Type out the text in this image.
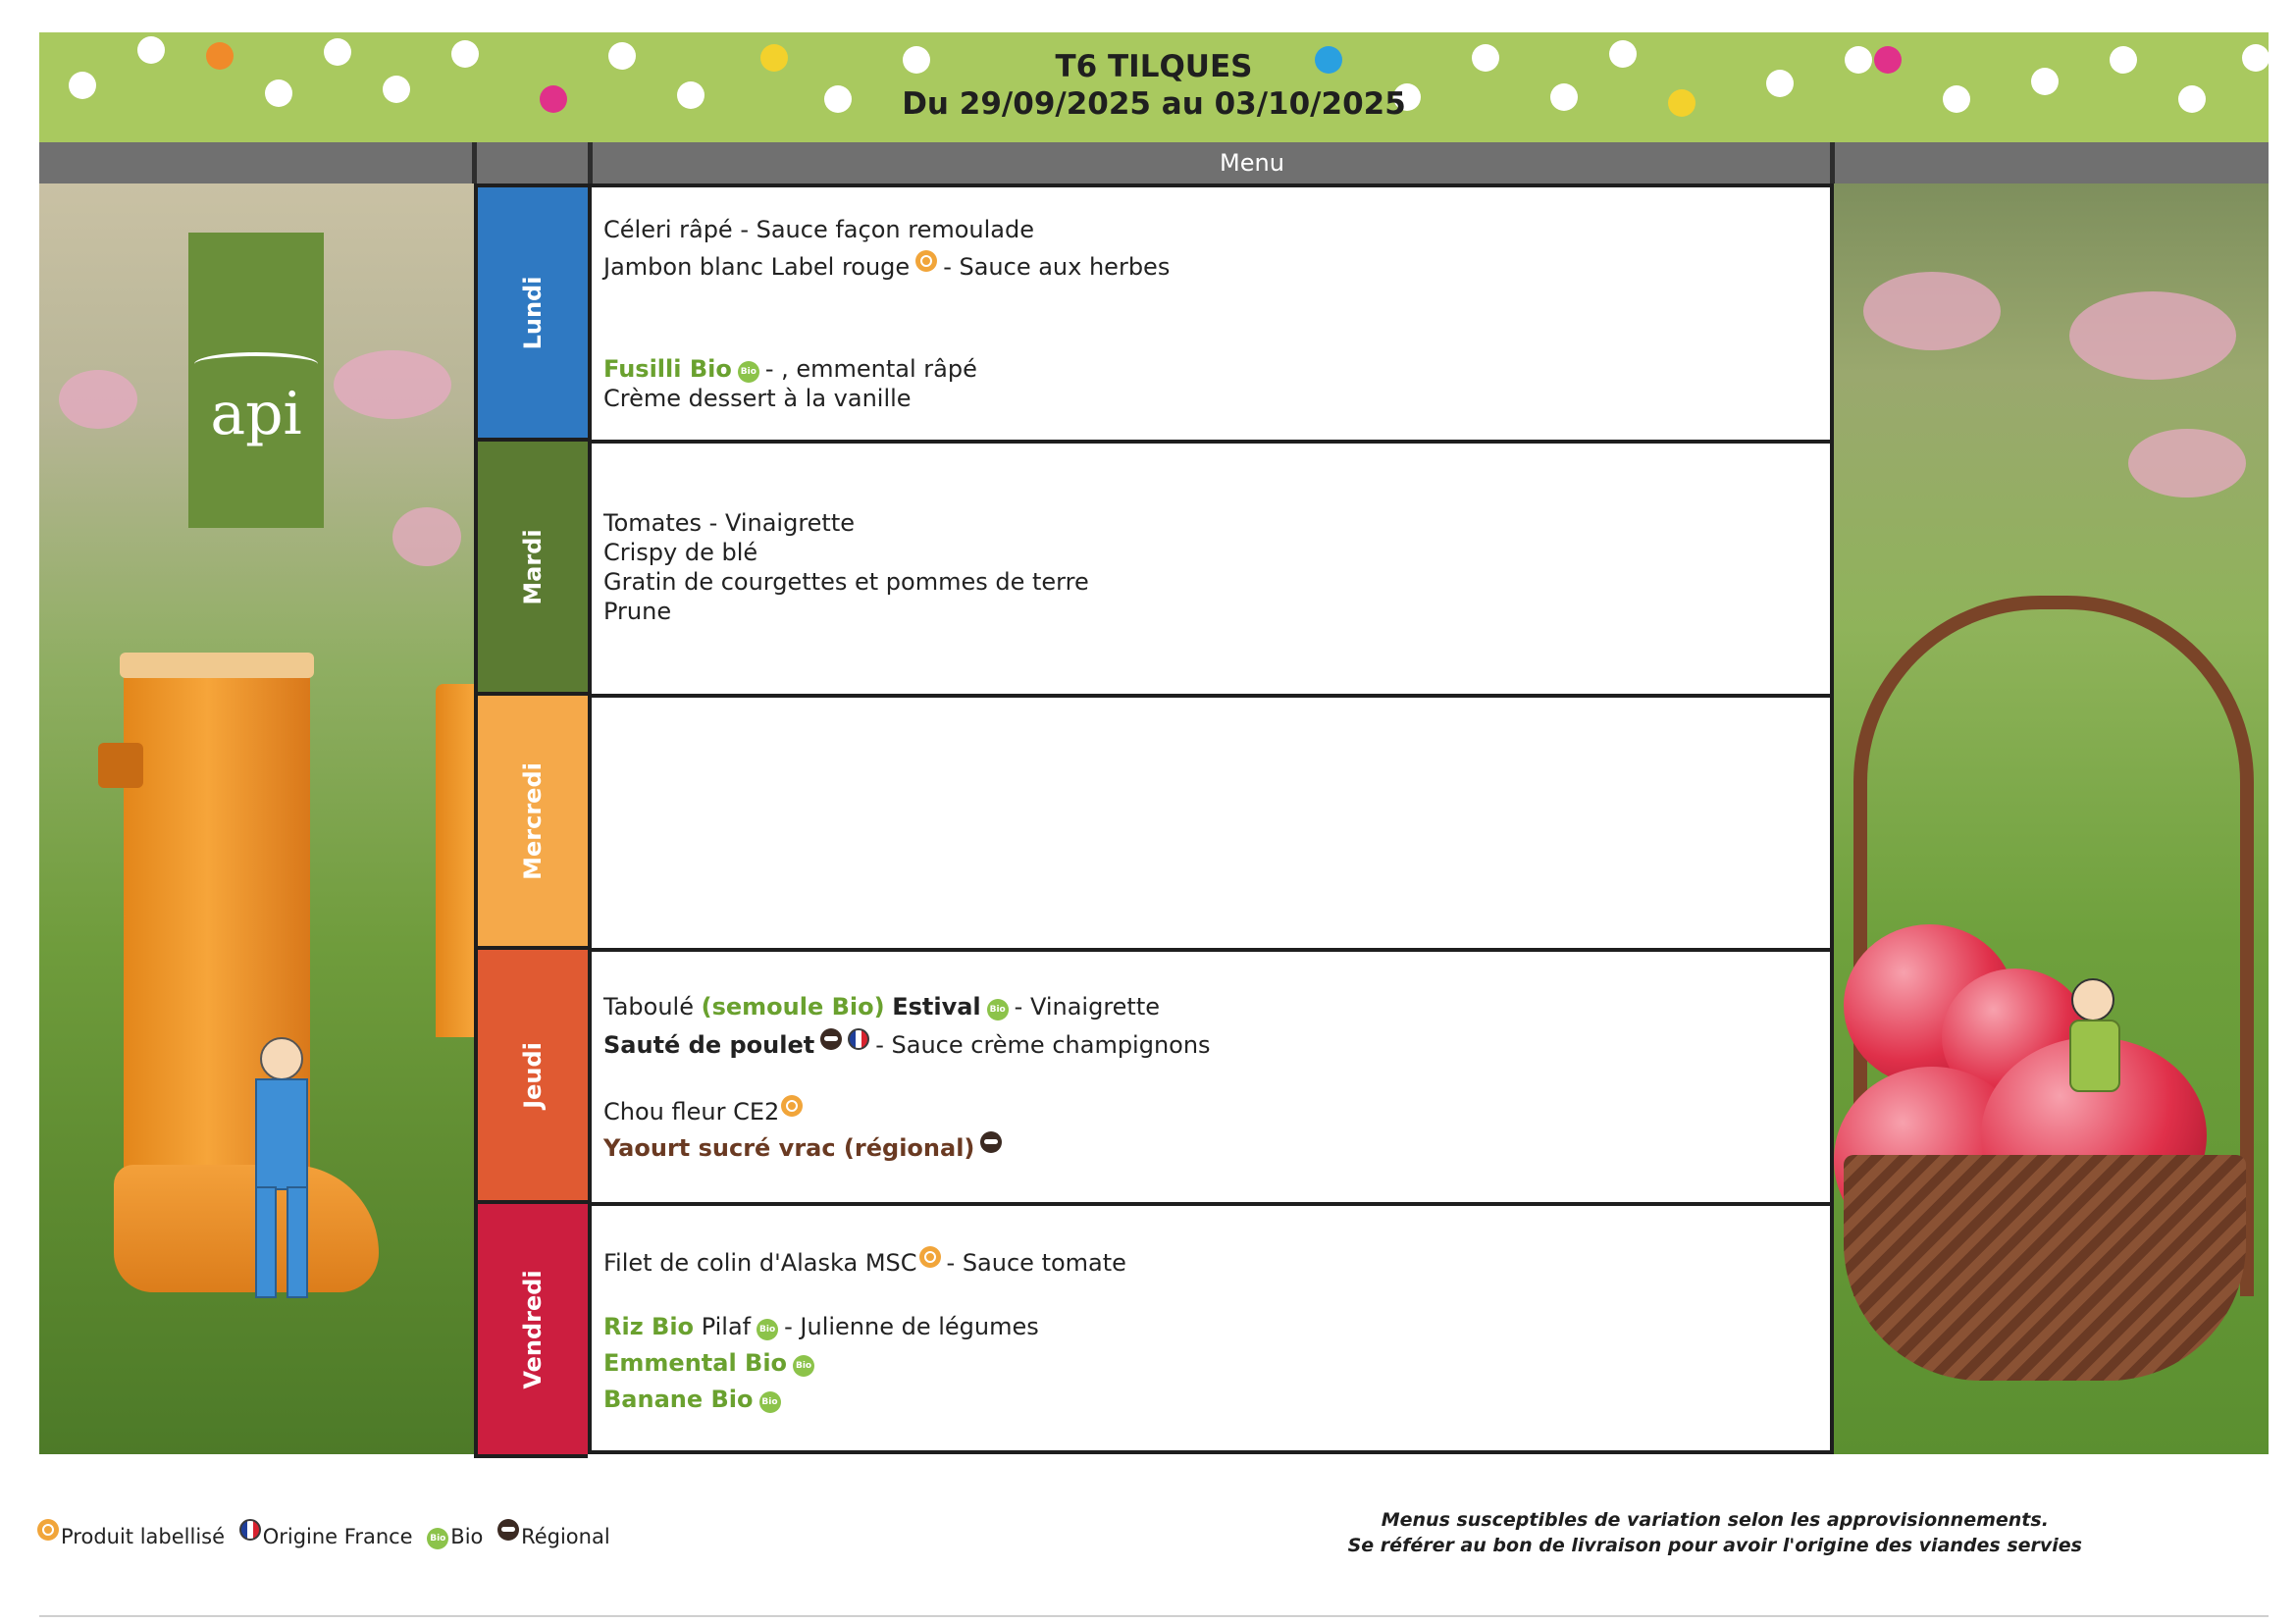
T6 TILQUES
Du 29/09/2025 au 03/10/2025
Menu
api
Lundi
Mardi
Mercredi
Jeudi
Vendredi
Céleri râpé - Sauce façon remoulade
Jambon blanc Label rouge - Sauce aux herbes
Fusilli Bio Bio - , emmental râpé
Crème dessert à la vanille
Tomates - Vinaigrette
Crispy de blé
Gratin de courgettes et pommes de terre
Prune
Taboulé (semoule Bio) Estival Bio - Vinaigrette
Sauté de poulet	- Sauce crème champignons
Chou fleur CE2
Yaourt sucré vrac (régional)
Filet de colin d'Alaska MSC - Sauce tomate
Riz Bio Pilaf Bio - Julienne de légumes
Emmental Bio Bio
Banane Bio Bio
Produit labellisé Origine France Bio Bio Régional
Menus susceptibles de variation selon les approvisionnements.
Se référer au bon de livraison pour avoir l'origine des viandes servies
